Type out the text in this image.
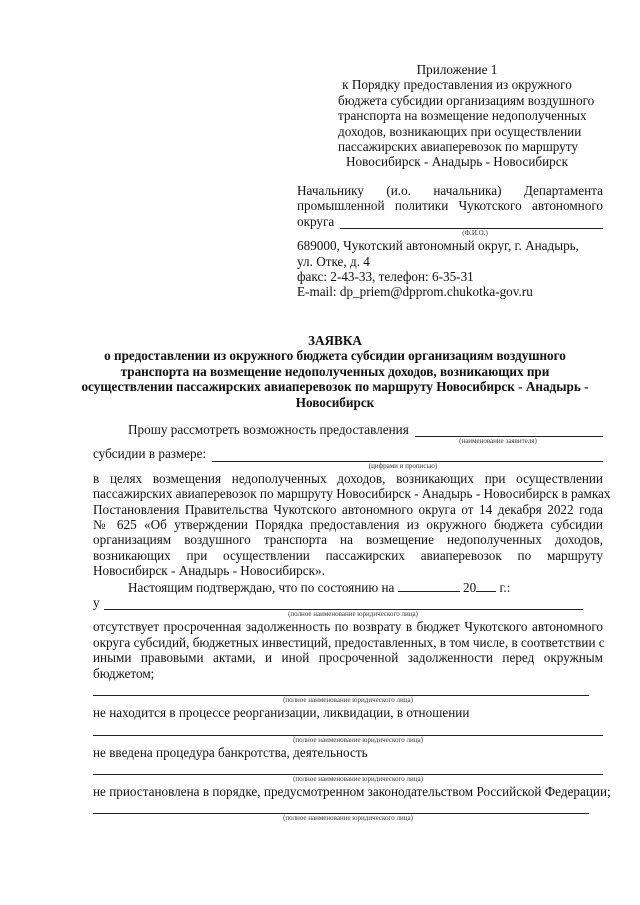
Приложение 1
к Порядку предоставления из окружного
бюджета субсидии организациям воздушного
транспорта на возмещение недополученных
доходов, возникающих при осуществлении
пассажирских авиаперевозок по маршруту
Новосибирск - Анадырь - Новосибирск
Начальнику (и.о. начальника) Департамента
промышленной политики Чукотского автономного
округа
(Ф.И.О.)
689000, Чукотский автономный округ, г. Анадырь,
ул. Отке, д. 4
факс: 2-43-33, телефон: 6-35-31
E-mail: dp_priem@dpprom.chukotka-gov.ru
ЗАЯВКА
о предоставлении из окружного бюджета субсидии организациям воздушного
транспорта на возмещение недополученных доходов, возникающих при
осуществлении пассажирских авиаперевозок по маршруту Новосибирск - Анадырь -
Новосибирск
Прошу рассмотреть возможность предоставления
(наименование заявителя)
субсидии в размере:
(цифрами и прописью)
в целях возмещения недополученных доходов, возникающих при осуществлении
пассажирских авиаперевозок по маршруту Новосибирск - Анадырь - Новосибирск в рамках
Постановления Правительства Чукотского автономного округа от 14 декабря 2022 года
№ 625 «Об утверждении Порядка предоставления из окружного бюджета субсидии
организациям воздушного транспорта на возмещение недополученных доходов,
возникающих при осуществлении пассажирских авиаперевозок по маршруту
Новосибирск - Анадырь - Новосибирск».
Настоящим подтверждаю, что по состоянию на	20 г.:
у
(полное наименование юридического лица)
отсутствует просроченная задолженность по возврату в бюджет Чукотского автономного
округа субсидий, бюджетных инвестиций, предоставленных, в том числе, в соответствии с
иными правовыми актами, и иной просроченной задолженности перед окружным
бюджетом;
(полное наименование юридического лица)
не находится в процессе реорганизации, ликвидации, в отношении
(полное наименование юридического лица)
не введена процедура банкротства, деятельность
(полное наименование юридического лица)
не приостановлена в порядке, предусмотренном законодательством Российской Федерации;
(полное наименование юридического лица)
